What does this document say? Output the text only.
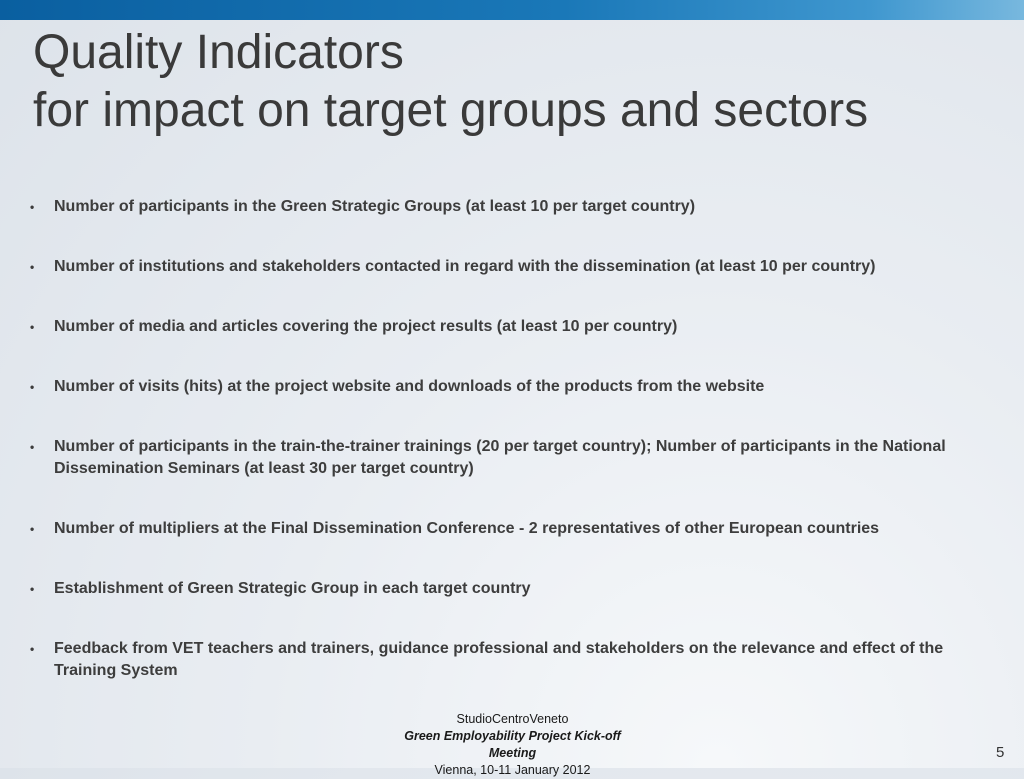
Quality Indicators
for impact on target groups and sectors
• Number of participants in the Green Strategic Groups (at least 10 per target country)
• Number of institutions and stakeholders contacted in regard with the dissemination (at least 10 per country)
• Number of media and articles covering the project results (at least 10 per country)
• Number of visits (hits) at the project website and downloads of the products from the website
• Number of participants in the train-the-trainer trainings (20 per target country); Number of participants in the National Dissemination Seminars (at least 30 per target country)
• Number of multipliers at the Final Dissemination Conference - 2 representatives of other European countries
• Establishment of Green Strategic Group in each target country
• Feedback from VET teachers and trainers, guidance professional and stakeholders on the relevance and effect of the Training System
StudioCentroVeneto
Green Employability Project Kick-off Meeting
Vienna, 10-11 January 2012
5
